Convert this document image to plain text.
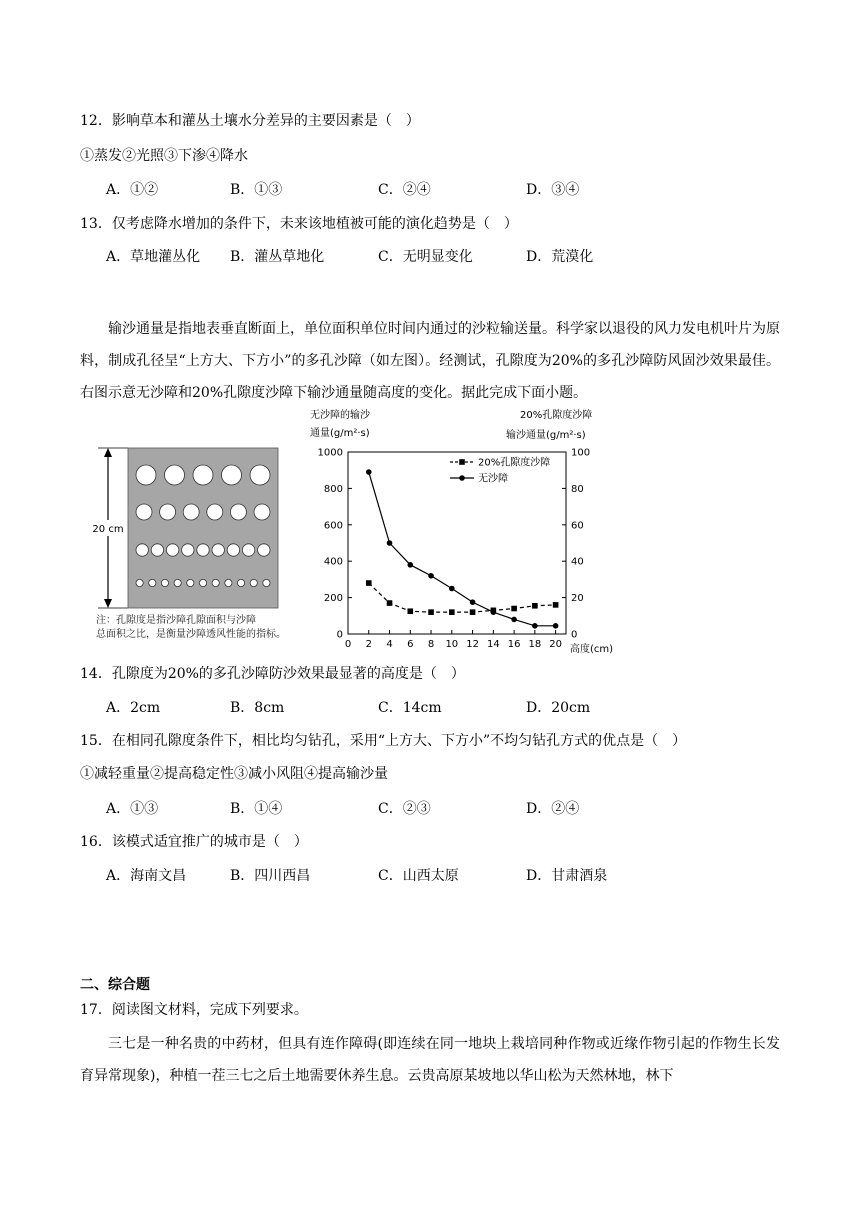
12．影响草本和灌丛土壤水分差异的主要因素是（　）
①蒸发②光照③下渗④降水
A．①②	B．①③	C．②④	D．③④
13．仅考虑降水增加的条件下，未来该地植被可能的演化趋势是（　）
A．草地灌丛化 B．灌丛草地化	C．无明显变化	D．荒漠化
输沙通量是指地表垂直断面上，单位面积单位时间内通过的沙粒输送量。科学家以退役的风力发电机叶片为原料，制成孔径呈“上方大、下方小”的多孔沙障（如左图）。经测试，孔隙度为20%的多孔沙障防风固沙效果最佳。右图示意无沙障和20%孔隙度沙障下输沙通量随高度的变化。据此完成下面小题。
20 cm
注：孔隙度是指沙障孔隙面积与沙障
总面积之比，是衡量沙障透风性能的指标。
无沙障的输沙
通量(g/m²·s)
20%孔隙度沙障
输沙通量(g/m²·s)
0
200
400
600
800
1000
0
20
40
60
80
100
0 2 4 6 8 10 12 14 16 18 20
20%孔隙度沙障
无沙障
高度(cm)
14．孔隙度为20%的多孔沙障防沙效果最显著的高度是（　）
A．2cm	B．8cm	C．14cm	D．20cm
15．在相同孔隙度条件下，相比均匀钻孔，采用“上方大、下方小”不均匀钻孔方式的优点是（　）
①减轻重量②提高稳定性③减小风阻④提高输沙量
A．①③	B．①④	C．②③	D．②④
16．该模式适宜推广的城市是（　）
A．海南文昌	B．四川西昌	C．山西太原	D．甘肃酒泉
二、综合题
17．阅读图文材料，完成下列要求。
三七是一种名贵的中药材，但具有连作障碍(即连续在同一地块上栽培同种作物或近缘作物引起的作物生长发育异常现象)，种植一茬三七之后土地需要休养生息。云贵高原某坡地以华山松为天然林地，林下
